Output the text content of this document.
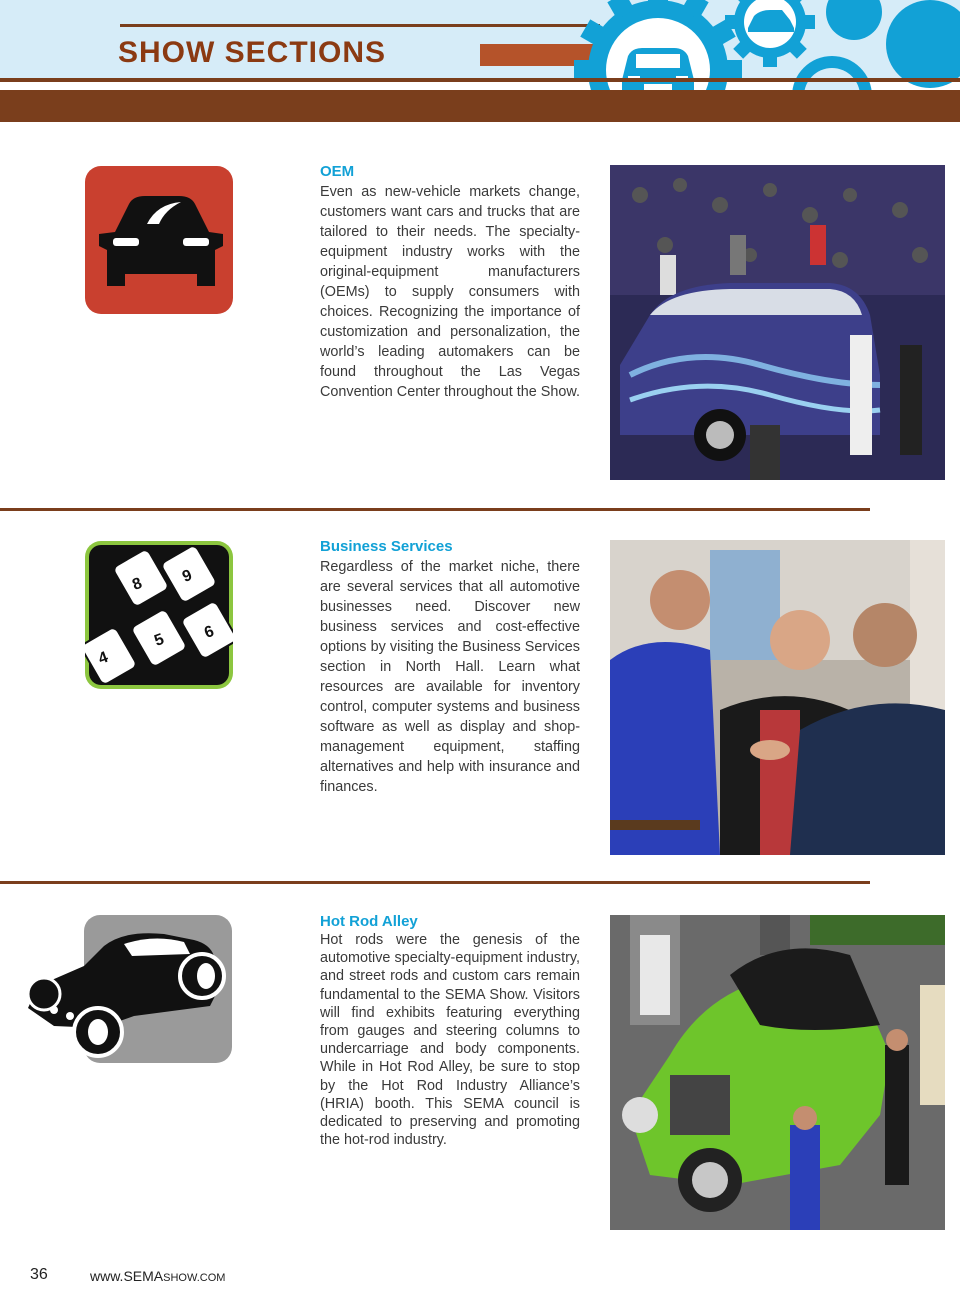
SHOW SECTIONS
OEM
Even as new-vehicle markets change, customers want cars and trucks that are tailored to their needs. The specialty-equipment industry works with the original-equipment manufacturers (OEMs) to supply consumers with choices. Recognizing the importance of customization and personalization, the world’s leading automakers can be found throughout the Las Vegas Convention Center throughout the Show.
8 9
4
5 6
Business Services
Regardless of the market niche, there are several services that all automotive businesses need. Discover new business services and cost-effective options by visiting the Business Services section in North Hall. Learn what resources are available for inventory control, computer systems and business software as well as display and shop-management equipment, staffing alternatives and help with insurance and finances.
Hot Rod Alley
Hot rods were the genesis of the automotive specialty-equipment industry, and street rods and custom cars remain fundamental to the SEMA Show. Visitors will find exhibits featuring everything from gauges and steering columns to undercarriage and body components. While in Hot Rod Alley, be sure to stop by the Hot Rod Industry Alliance’s (HRIA) booth. This SEMA council is dedicated to preserving and promoting the hot-rod industry.
36	www.SEMASHOW.COM
